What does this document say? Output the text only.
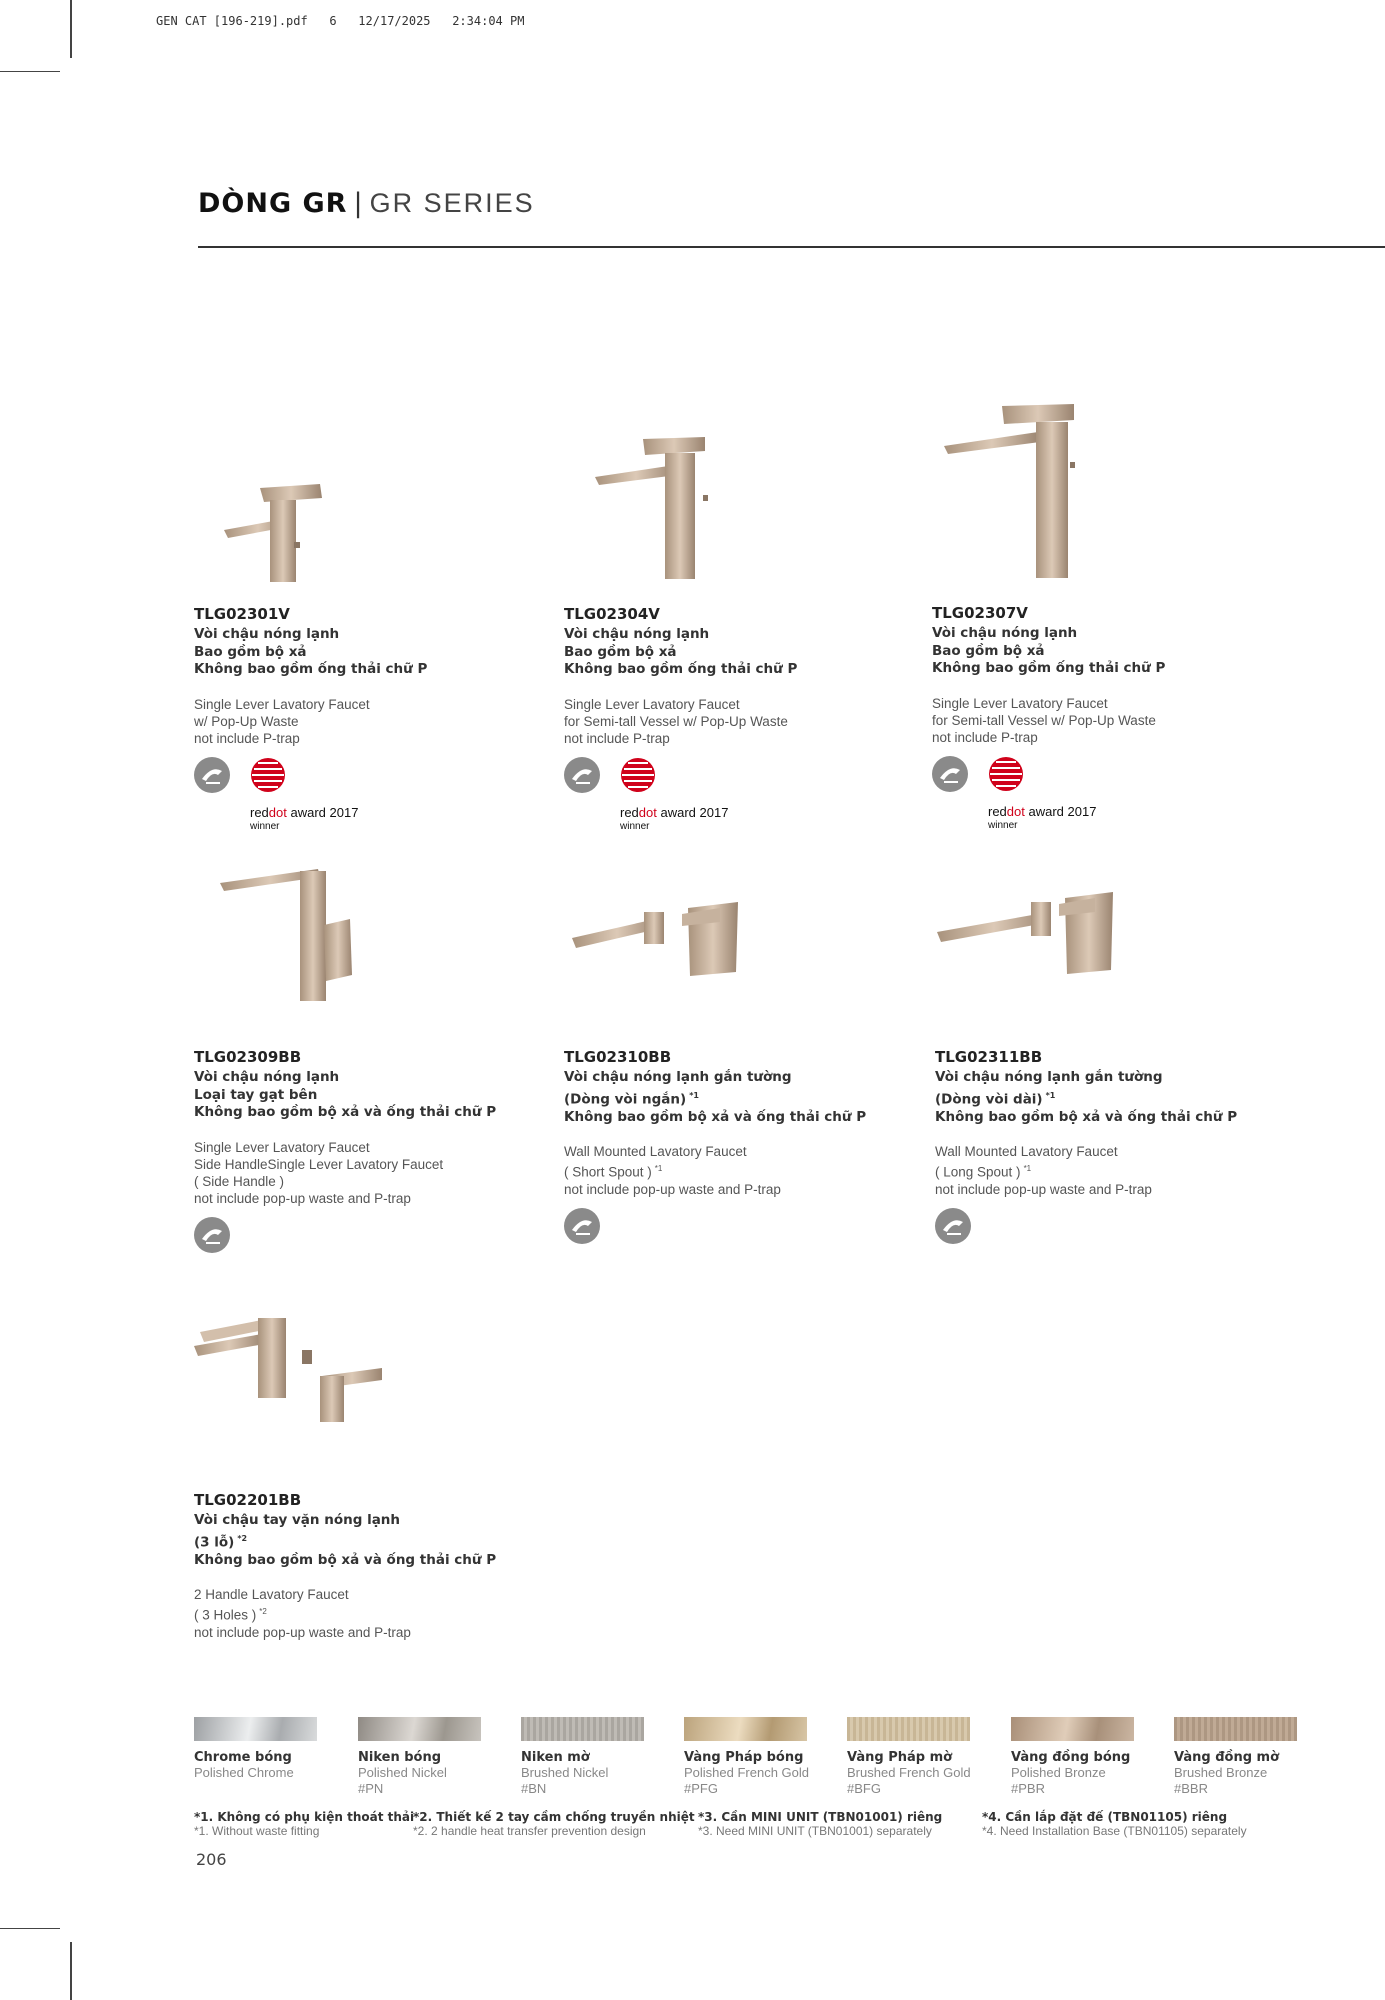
GEN CAT [196-219].pdf   6   12/17/2025   2:34:04 PM
DÒNG GR | GR SERIES
TLG02301V
Vòi chậu nóng lạnh
Bao gồm bộ xả
Không bao gồm ống thải chữ P
Single Lever Lavatory Faucet
w/ Pop-Up Waste
not include P-trap
reddot award 2017
winner
TLG02304V
Vòi chậu nóng lạnh
Bao gồm bộ xả
Không bao gồm ống thải chữ P
Single Lever Lavatory Faucet
for Semi-tall Vessel w/ Pop-Up Waste
not include P-trap
reddot award 2017
winner
TLG02307V
Vòi chậu nóng lạnh
Bao gồm bộ xả
Không bao gồm ống thải chữ P
Single Lever Lavatory Faucet
for Semi-tall Vessel w/ Pop-Up Waste
not include P-trap
reddot award 2017
winner
TLG02309BB
Vòi chậu nóng lạnh
Loại tay gạt bên
Không bao gồm bộ xả và ống thải chữ P
Single Lever Lavatory Faucet
Side HandleSingle Lever Lavatory Faucet
( Side Handle )
not include pop-up waste and P-trap
TLG02310BB
Vòi chậu nóng lạnh gắn tường
(Dòng vòi ngắn) $^{*1}$
Không bao gồm bộ xả và ống thải chữ P
Wall Mounted Lavatory Faucet
( Short Spout ) $^{*1}$
not include pop-up waste and P-trap
TLG02311BB
Vòi chậu nóng lạnh gắn tường
(Dòng vòi dài) $^{*1}$
Không bao gồm bộ xả và ống thải chữ P
Wall Mounted Lavatory Faucet
( Long Spout ) $^{*1}$
not include pop-up waste and P-trap
TLG02201BB
Vòi chậu tay vặn nóng lạnh
(3 lỗ) $^{*2}$
Không bao gồm bộ xả và ống thải chữ P
2 Handle Lavatory Faucet
( 3 Holes ) $^{*2}$
not include pop-up waste and P-trap
Chrome bóng
Polished Chrome
Niken bóng
Polished Nickel
#PN
Niken mờ
Brushed Nickel
#BN
Vàng Pháp bóng
Polished French Gold
#PFG
Vàng Pháp mờ
Brushed French Gold
#BFG
Vàng đồng bóng
Polished Bronze
#PBR
Vàng đồng mờ
Brushed Bronze
#BBR
*1. Không có phụ kiện thoát thải
*1. Without waste fitting
*2. Thiết kế 2 tay cầm chống truyền nhiệt
*2. 2 handle heat transfer prevention design
*3. Cần MINI UNIT (TBN01001) riêng
*3. Need MINI UNIT (TBN01001) separately
*4. Cần lắp đặt đế (TBN01105) riêng
*4. Need Installation Base (TBN01105) separately
206
